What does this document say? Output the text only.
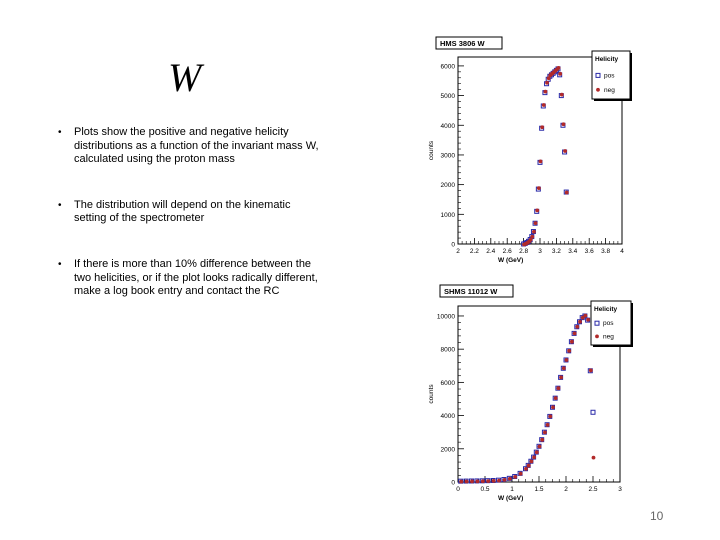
W
•	Plots show the positive and negative helicity distributions as a function of the invariant mass W, calculated using the proton mass
•	The distribution will depend on the kinematic setting of the spectrometer
•	If there is more than 10% difference between the two helicities, or if the plot looks radically different, make a log book entry and contact the RC
HMS 3806 W
0
1000
2000
3000
4000
5000
6000
2 2.2 2.4 2.6 2.8 3 3.2 3.4 3.6 3.8 4
W (GeV)
counts
Helicity
pos
neg
SHMS 11012 W
0
2000
4000
6000
8000
10000
0	0.5	1	1.5	2	2.5	3
W (GeV)
counts
Helicity
pos
neg
10
